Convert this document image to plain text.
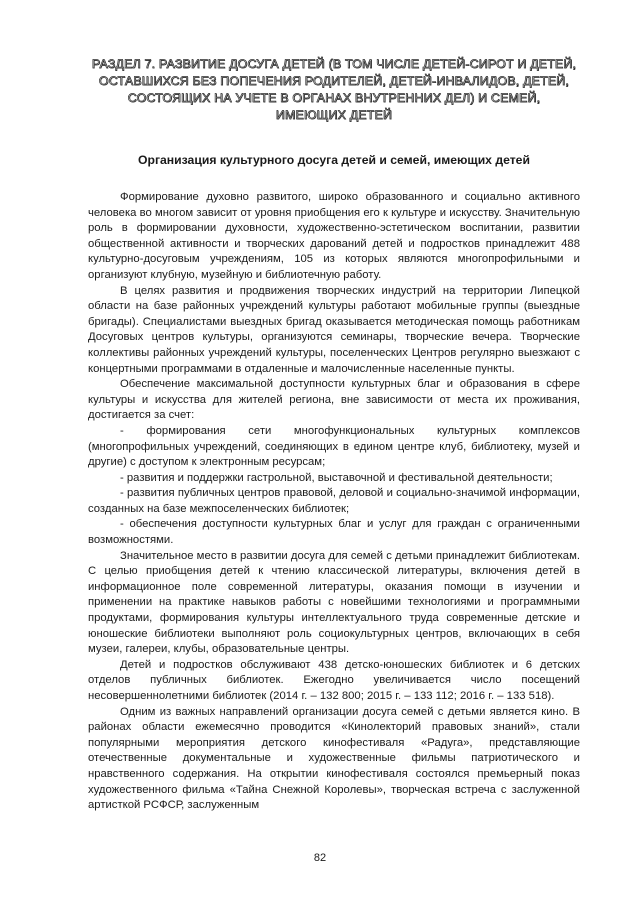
РАЗДЕЛ 7. РАЗВИТИЕ ДОСУГА ДЕТЕЙ (В ТОМ ЧИСЛЕ ДЕТЕЙ-СИРОТ И ДЕТЕЙ,
ОСТАВШИХСЯ БЕЗ ПОПЕЧЕНИЯ РОДИТЕЛЕЙ, ДЕТЕЙ-ИНВАЛИДОВ, ДЕТЕЙ,
СОСТОЯЩИХ НА УЧЕТЕ В ОРГАНАХ ВНУТРЕННИХ ДЕЛ) И СЕМЕЙ,
ИМЕЮЩИХ ДЕТЕЙ
Организация культурного досуга детей и семей, имеющих детей

Формирование духовно развитого, широко образованного и социально активного человека во многом зависит от уровня приобщения его к культуре и искусству. Значительную роль в формировании духовности, художественно-эстетическом воспитании, развитии общественной активности и творческих дарований детей и подростков принадлежит 488 культурно-досуговым учреждениям, 105 из которых являются многопрофильными и организуют клубную, музейную и библиотечную работу.

В целях развития и продвижения творческих индустрий на территории Липецкой области на базе районных учреждений культуры работают мобильные группы (выездные бригады). Специалистами выездных бригад оказывается методическая помощь работникам Досуговых центров культуры, организуются семинары, творческие вечера. Творческие коллективы районных учреждений культуры, поселенческих Центров регулярно выезжают с концертными программами в отдаленные и малочисленные населенные пункты.

Обеспечение максимальной доступности культурных благ и образования в сфере культуры и искусства для жителей региона, вне зависимости от места их проживания, достигается за счет:

- формирования сети многофункциональных культурных комплексов (многопрофильных учреждений, соединяющих в едином центре клуб, библиотеку, музей и другие) с доступом к электронным ресурсам;

- развития и поддержки гастрольной, выставочной и фестивальной деятельности;

- развития публичных центров правовой, деловой и социально-значимой информации, созданных на базе межпоселенческих библиотек;

- обеспечения доступности культурных благ и услуг для граждан с ограниченными возможностями.

Значительное место в развитии досуга для семей с детьми принадлежит библиотекам. С целью приобщения детей к чтению классической литературы, включения детей в информационное поле современной литературы, оказания помощи в изучении и применении на практике навыков работы с новейшими технологиями и программными продуктами, формирования культуры интеллектуального труда современные детские и юношеские библиотеки выполняют роль социокультурных центров, включающих в себя музеи, галереи, клубы, образовательные центры.

Детей и подростков обслуживают 438 детско-юношеских библиотек и 6 детских отделов публичных библиотек. Ежегодно увеличивается число посещений несовершеннолетними библиотек (2014 г. – 132 800; 2015 г. – 133 112; 2016 г. – 133 518).

Одним из важных направлений организации досуга семей с детьми является кино. В районах области ежемесячно проводится «Кинолекторий правовых знаний», стали популярными мероприятия детского кинофестиваля «Радуга», представляющие отечественные документальные и художественные фильмы патриотического и нравственного содержания. На открытии кинофестиваля состоялся премьерный показ художественного фильма «Тайна Снежной Королевы», творческая встреча с заслуженной артисткой РСФСР, заслуженным

82
